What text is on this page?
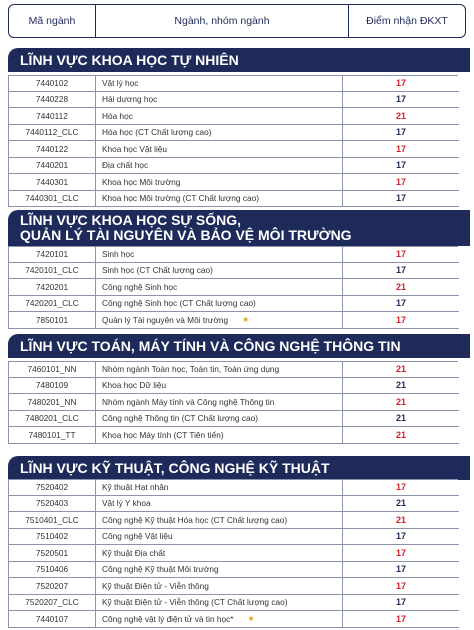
Mã ngành	Ngành, nhóm ngành	Điểm nhận ĐKXT
LĨNH VỰC KHOA HỌC TỰ NHIÊN
7440102	Vật lý học	17
7440228	Hải dương học	17
7440112	Hóa học	21
7440112_CLC	Hóa học (CT Chất lượng cao)	17
7440122	Khoa học Vật liệu	17
7440201	Địa chất học	17
7440301	Khoa học Môi trường	17
7440301_CLC	Khoa học Môi trường (CT Chất lượng cao)	17
LĨNH VỰC KHOA HỌC SỰ SỐNG,
QUẢN LÝ TÀI NGUYÊN VÀ BẢO VỆ MÔI TRƯỜNG
7420101	Sinh học	17
7420101_CLC	Sinh học (CT Chất lượng cao)	17
7420201	Công nghệ Sinh học	21
7420201_CLC	Công nghệ Sinh học (CT Chất lượng cao)	17
7850101	Quản lý Tài nguyên và Môi trường ★	17
LĨNH VỰC TOÁN, MÁY TÍNH VÀ CÔNG NGHỆ THÔNG TIN
7460101_NN	Nhóm ngành Toán học, Toán tin, Toán ứng dụng	21
7480109	Khoa học Dữ liệu	21
7480201_NN	Nhóm ngành Máy tính và Công nghệ Thông tin	21
7480201_CLC	Công nghệ Thông tin (CT Chất lượng cao)	21
7480101_TT	Khoa học Máy tính (CT Tiên tiến)	21
LĨNH VỰC KỸ THUẬT, CÔNG NGHỆ KỸ THUẬT
7520402	Kỹ thuật Hạt nhân	17
7520403	Vật lý Y khoa	21
7510401_CLC	Công nghệ Kỹ thuật Hóa học (CT Chất lượng cao)	21
7510402	Công nghệ Vật liệu	17
7520501	Kỹ thuật Địa chất	17
7510406	Công nghệ Kỹ thuật Môi trường	17
7520207	Kỹ thuật Điện tử - Viễn thông	17
7520207_CLC	Kỹ thuật Điện tử - Viễn thông (CT Chất lượng cao)	17
7440107	Công nghệ vật lý điện tử và tin học* ★	17
